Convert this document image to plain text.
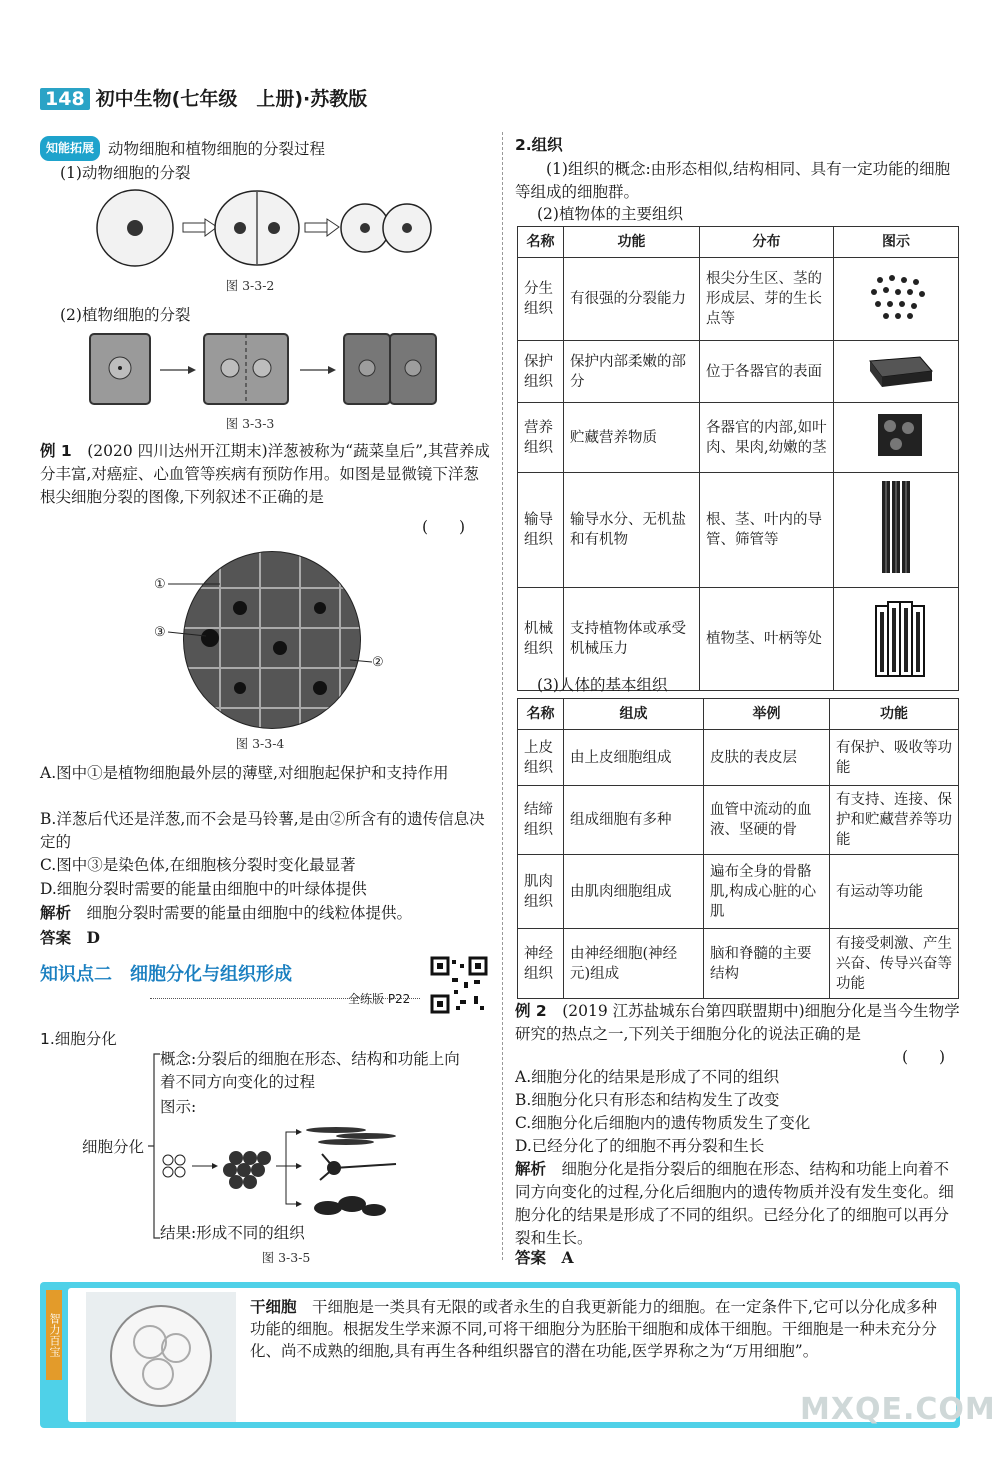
148 初中生物(七年级　上册)·苏教版
知能拓展 动物细胞和植物细胞的分裂过程
(1)动物细胞的分裂
图 3-3-2
(2)植物细胞的分裂
图 3-3-3
例 1　(2020 四川达州开江期末)洋葱被称为“蔬菜皇后”,其营养成分丰富,对癌症、心血管等疾病有预防作用。如图是显微镜下洋葱根尖细胞分裂的图像,下列叙述不正确的是
(　　)
①
②
③
图 3-3-4
A.图中①是植物细胞最外层的薄壁,对细胞起保护和支持作用
B.洋葱后代还是洋葱,而不会是马铃薯,是由②所含有的遗传信息决定的
C.图中③是染色体,在细胞核分裂时变化最显著
D.细胞分裂时需要的能量由细胞中的叶绿体提供
解析　 细胞分裂时需要的能量由细胞中的线粒体提供。
答案　 D
知识点二　细胞分化与组织形成
全练版 P22
1.细胞分化
细胞分化
概念:分裂后的细胞在形态、结构和功能上向着不同方向变化的过程
图示:
结果:形成不同的组织
图 3-3-5
2.组织
(1)组织的概念:由形态相似,结构相同、具有一定功能的细胞等组成的细胞群。
(2)植物体的主要组织
名称	功能	分布	图示
分生组织	有很强的分裂能力	根尖分生区、茎的形成层、芽的生长点等	
保护组织	保护内部柔嫩的部分	位于各器官的表面	
营养组织	贮藏营养物质	各器官的内部,如叶肉、果肉,幼嫩的茎	
输导组织	输导水分、无机盐和有机物	根、茎、叶内的导管、筛管等	
机械组织	支持植物体或承受机械压力	植物茎、叶柄等处	
(3)人体的基本组织
名称	组成	举例	功能
上皮组织	由上皮细胞组成	皮肤的表皮层	有保护、吸收等功能
结缔组织	组成细胞有多种	血管中流动的血液、坚硬的骨	有支持、连接、保护和贮藏营养等功能
肌肉组织	由肌肉细胞组成	遍布全身的骨骼肌,构成心脏的心肌	有运动等功能
神经组织	由神经细胞(神经元)组成	脑和脊髓的主要结构	有接受刺激、产生兴奋、传导兴奋等功能
例 2　(2019 江苏盐城东台第四联盟期中)细胞分化是当今生物学研究的热点之一,下列关于细胞分化的说法正确的是
(　　)
A.细胞分化的结果是形成了不同的组织
B.细胞分化只有形态和结构发生了改变
C.细胞分化后细胞内的遗传物质发生了变化
D.已经分化了的细胞不再分裂和生长
解析　 细胞分化是指分裂后的细胞在形态、结构和功能上向着不同方向变化的过程,分化后细胞内的遗传物质并没有发生变化。细胞分化的结果是形成了不同的组织。已经分化了的细胞可以再分裂和生长。
答案　 A
智力百宝
干细胞　 干细胞是一类具有无限的或者永生的自我更新能力的细胞。在一定条件下,它可以分化成多种功能的细胞。根据发生学来源不同,可将干细胞分为胚胎干细胞和成体干细胞。干细胞是一种未充分分化、尚不成熟的细胞,具有再生各种组织器官的潜在功能,医学界称之为“万用细胞”。
MXQE.COM
